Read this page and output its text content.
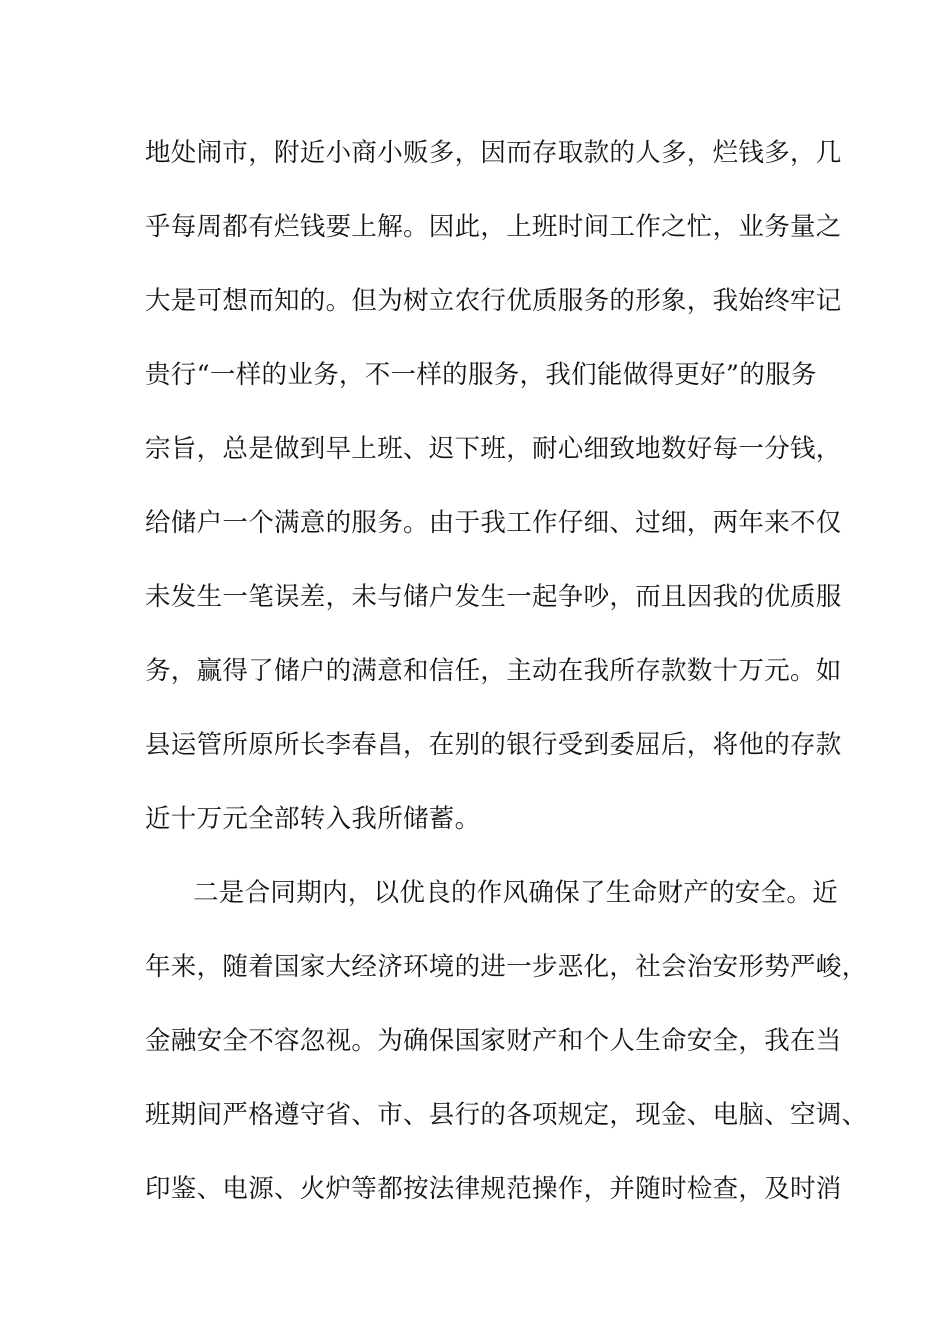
地处闹市，附近小商小贩多，因而存取款的人多，烂钱多，几
乎每周都有烂钱要上解。因此，上班时间工作之忙，业务量之
大是可想而知的。但为树立农行优质服务的形象，我始终牢记
贵行“一样的业务，不一样的服务，我们能做得更好”的服务
宗旨，总是做到早上班、迟下班，耐心细致地数好每一分钱，
给储户一个满意的服务。由于我工作仔细、过细，两年来不仅
未发生一笔误差，未与储户发生一起争吵，而且因我的优质服
务，赢得了储户的满意和信任，主动在我所存款数十万元。如
县运管所原所长李春昌，在别的银行受到委屈后，将他的存款
近十万元全部转入我所储蓄。
二是合同期内，以优良的作风确保了生命财产的安全。近
年来，随着国家大经济环境的进一步恶化，社会治安形势严峻，
金融安全不容忽视。为确保国家财产和个人生命安全，我在当
班期间严格遵守省、市、县行的各项规定，现金、电脑、空调、
印鉴、电源、火炉等都按法律规范操作，并随时检查，及时消
